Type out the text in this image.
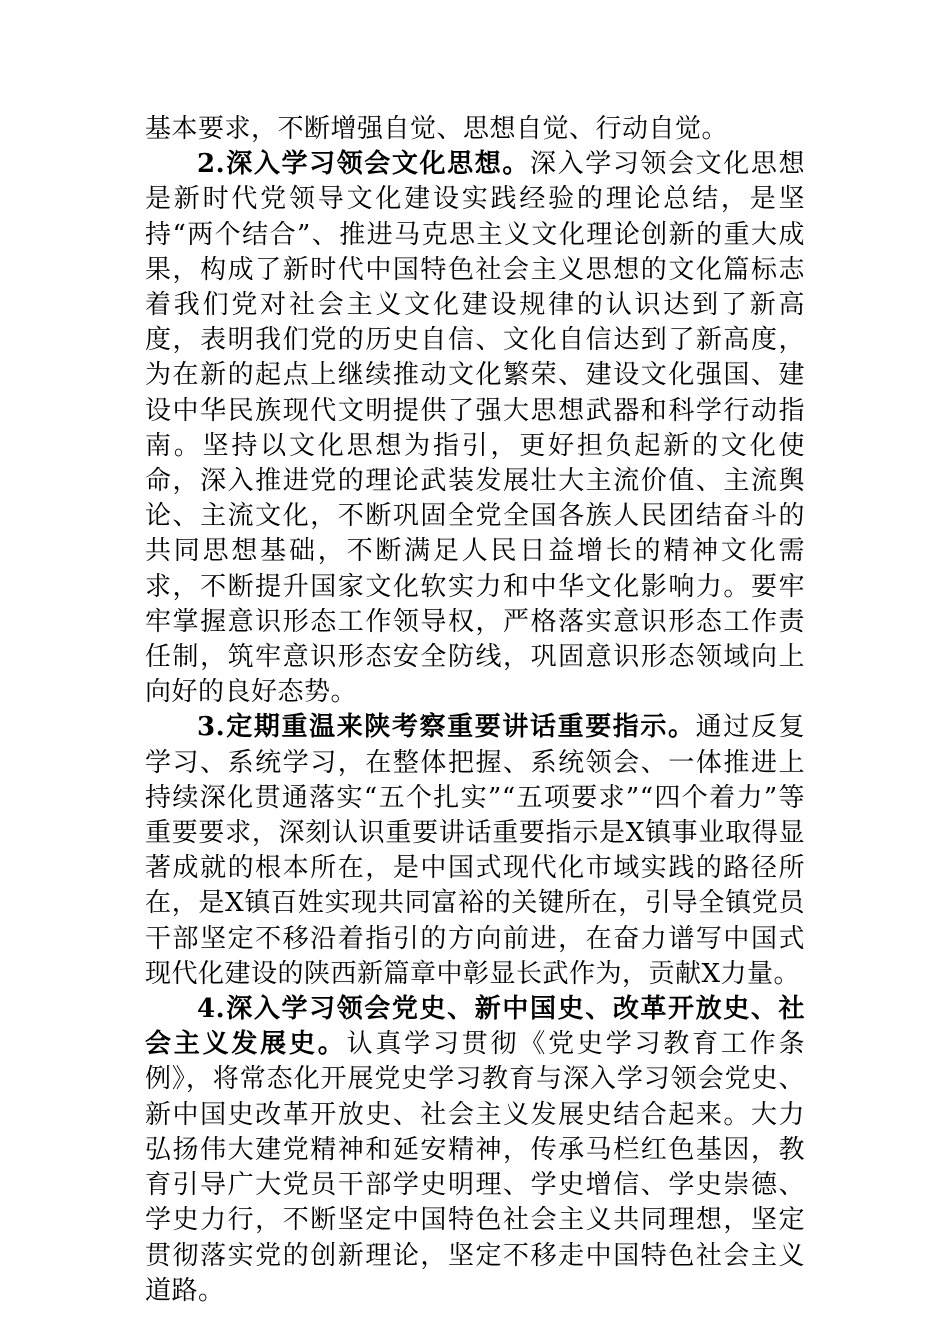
基本要求，不断增强自觉、思想自觉、行动自觉。

2.深入学习领会文化思想。深入学习领会文化思想是新时代党领导文化建设实践经验的理论总结，是坚持“两个结合”、推进马克思主义文化理论创新的重大成果，构成了新时代中国特色社会主义思想的文化篇标志着我们党对社会主义文化建设规律的认识达到了新高度，表明我们党的历史自信、文化自信达到了新高度，为在新的起点上继续推动文化繁荣、建设文化强国、建设中华民族现代文明提供了强大思想武器和科学行动指南。坚持以文化思想为指引，更好担负起新的文化使命，深入推进党的理论武装发展壮大主流价值、主流舆论、主流文化，不断巩固全党全国各族人民团结奋斗的共同思想基础，不断满足人民日益增长的精神文化需求，不断提升国家文化软实力和中华文化影响力。要牢牢掌握意识形态工作领导权，严格落实意识形态工作责任制，筑牢意识形态安全防线，巩固意识形态领域向上向好的良好态势。

3.定期重温来陕考察重要讲话重要指示。通过反复学习、系统学习，在整体把握、系统领会、一体推进上持续深化贯通落实“五个扎实”“五项要求”“四个着力”等重要要求，深刻认识重要讲话重要指示是X镇事业取得显著成就的根本所在，是中国式现代化市域实践的路径所在，是X镇百姓实现共同富裕的关键所在，引导全镇党员干部坚定不移沿着指引的方向前进，在奋力谱写中国式现代化建设的陕西新篇章中彰显长武作为，贡献X力量。

4.深入学习领会党史、新中国史、改革开放史、社会主义发展史。认真学习贯彻《党史学习教育工作条例》，将常态化开展党史学习教育与深入学习领会党史、新中国史改革开放史、社会主义发展史结合起来。大力弘扬伟大建党精神和延安精神，传承马栏红色基因，教育引导广大党员干部学史明理、学史增信、学史崇德、学史力行，不断坚定中国特色社会主义共同理想，坚定贯彻落实党的创新理论，坚定不移走中国特色社会主义道路。
